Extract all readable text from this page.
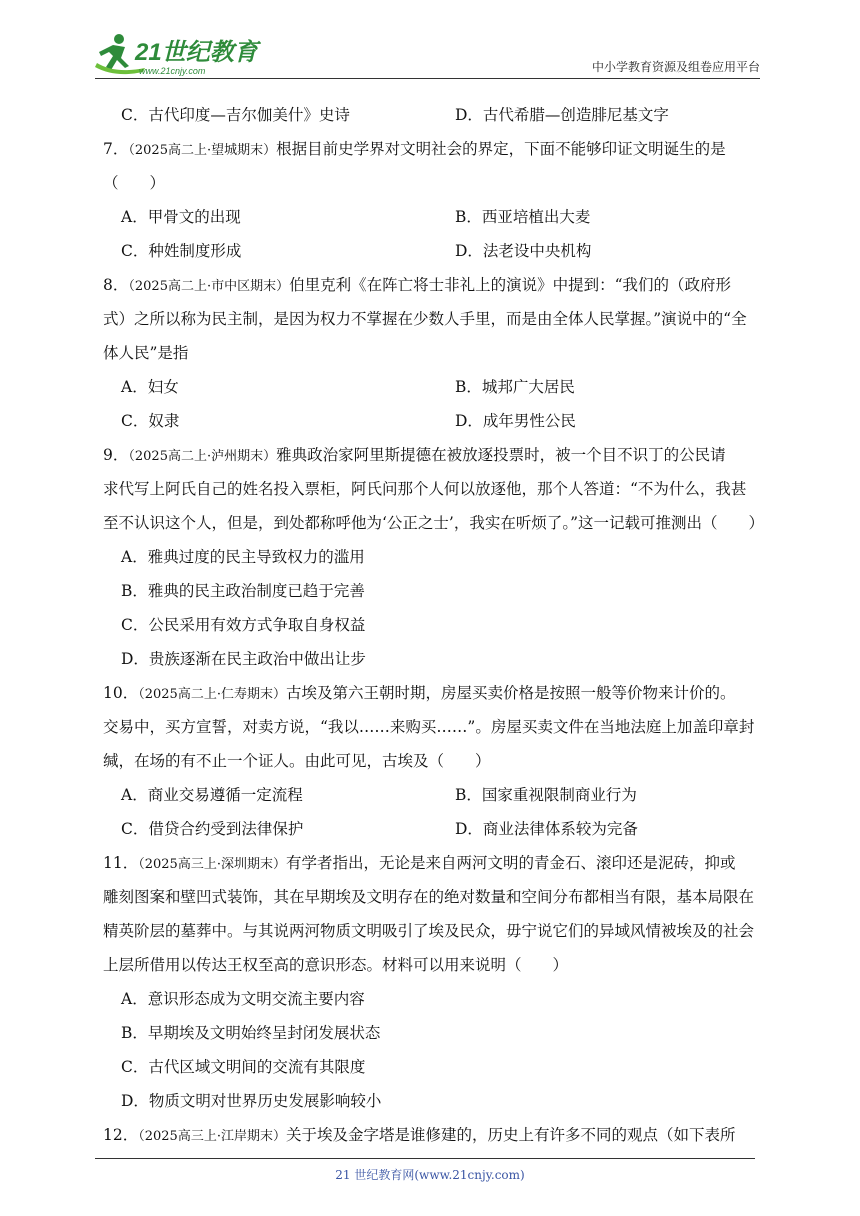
21世纪教育
www.21cnjy.com	中小学教育资源及组卷应用平台
C．古代印度—吉尔伽美什》史诗	D．古代希腊—创造腓尼基文字
7．（2025高二上·望城期末）根据目前史学界对文明社会的界定，下面不能够印证文明诞生的是
（　　）
A．甲骨文的出现	B．西亚培植出大麦
C．种姓制度形成	D．法老设中央机构
8．（2025高二上·市中区期末）伯里克利《在阵亡将士非礼上的演说》中提到：“我们的（政府形
式）之所以称为民主制，是因为权力不掌握在少数人手里，而是由全体人民掌握。”演说中的“全
体人民”是指
A．妇女	B．城邦广大居民
C．奴隶	D．成年男性公民
9．（2025高二上·泸州期末）雅典政治家阿里斯提德在被放逐投票时，被一个目不识丁的公民请
求代写上阿氏自己的姓名投入票柜，阿氏问那个人何以放逐他，那个人答道：“不为什么，我甚
至不认识这个人，但是，到处都称呼他为‘公正之士’，我实在听烦了。”这一记载可推测出（　　）
A．雅典过度的民主导致权力的滥用
B．雅典的民主政治制度已趋于完善
C．公民采用有效方式争取自身权益
D．贵族逐渐在民主政治中做出让步
10．（2025高二上·仁寿期末）古埃及第六王朝时期，房屋买卖价格是按照一般等价物来计价的。
交易中，买方宣誓，对卖方说，“我以……来购买……”。房屋买卖文件在当地法庭上加盖印章封
缄，在场的有不止一个证人。由此可见，古埃及（　　）
A．商业交易遵循一定流程	B．国家重视限制商业行为
C．借贷合约受到法律保护	D．商业法律体系较为完备
11．（2025高三上·深圳期末）有学者指出，无论是来自两河文明的青金石、滚印还是泥砖，抑或
雕刻图案和壁凹式装饰，其在早期埃及文明存在的绝对数量和空间分布都相当有限，基本局限在
精英阶层的墓葬中。与其说两河物质文明吸引了埃及民众，毋宁说它们的异域风情被埃及的社会
上层所借用以传达王权至高的意识形态。材料可以用来说明（　　）
A．意识形态成为文明交流主要内容
B．早期埃及文明始终呈封闭发展状态
C．古代区域文明间的交流有其限度
D．物质文明对世界历史发展影响较小
12．（2025高三上·江岸期末）关于埃及金字塔是谁修建的，历史上有许多不同的观点（如下表所
21 世纪教育网(www.21cnjy.com)
